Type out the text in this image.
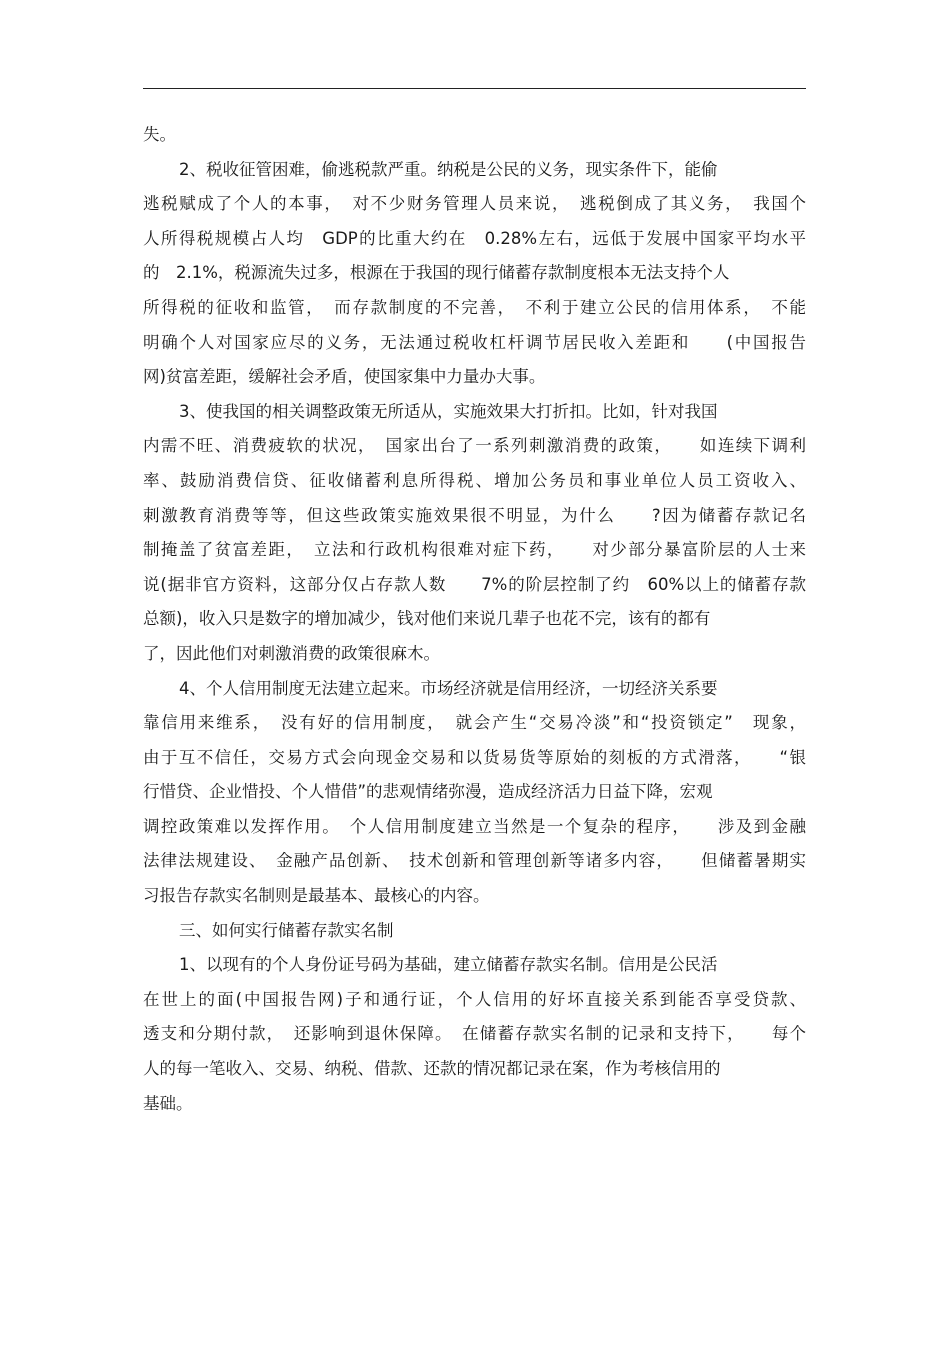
失。
2、税收征管困难，偷逃税款严重。纳税是公民的义务，现实条件下，能偷
逃税赋成了个人的本事，　对不少财务管理人员来说，　逃税倒成了其义务，　我国个
人所得税规模占人均　GDP的比重大约在　0.28%左右，远低于发展中国家平均水平
的　2.1%，税源流失过多，根源在于我国的现行储蓄存款制度根本无法支持个人
所得税的征收和监管，　而存款制度的不完善，　不利于建立公民的信用体系，　不能
明确个人对国家应尽的义务，无法通过税收杠杆调节居民收入差距和　　(中国报告
网)贫富差距，缓解社会矛盾，使国家集中力量办大事。
3、使我国的相关调整政策无所适从，实施效果大打折扣。比如，针对我国
内需不旺、消费疲软的状况，　国家出台了一系列刺激消费的政策，　　如连续下调利
率、鼓励消费信贷、征收储蓄利息所得税、增加公务员和事业单位人员工资收入、
刺激教育消费等等，但这些政策实施效果很不明显，为什么　　?因为储蓄存款记名
制掩盖了贫富差距，　立法和行政机构很难对症下药，　　对少部分暴富阶层的人士来
说(据非官方资料，这部分仅占存款人数　　7%的阶层控制了约　60%以上的储蓄存款
总额)，收入只是数字的增加减少，钱对他们来说几辈子也花不完，该有的都有
了，因此他们对刺激消费的政策很麻木。
4、个人信用制度无法建立起来。市场经济就是信用经济，一切经济关系要
靠信用来维系，　没有好的信用制度，　就会产生“交易冷淡”和“投资锁定”　现象，
由于互不信任，交易方式会向现金交易和以货易货等原始的刻板的方式滑落，　　“银
行惜贷、企业惜投、个人惜借”的悲观情绪弥漫，造成经济活力日益下降，宏观
调控政策难以发挥作用。　个人信用制度建立当然是一个复杂的程序，　　涉及到金融
法律法规建设、　金融产品创新、　技术创新和管理创新等诸多内容，　　但储蓄暑期实
习报告存款实名制则是最基本、最核心的内容。
三、如何实行储蓄存款实名制
1、以现有的个人身份证号码为基础，建立储蓄存款实名制。信用是公民活
在世上的面(中国报告网)子和通行证，个人信用的好坏直接关系到能否享受贷款、
透支和分期付款，　还影响到退休保障。　在储蓄存款实名制的记录和支持下，　　每个
人的每一笔收入、交易、纳税、借款、还款的情况都记录在案，作为考核信用的
基础。
